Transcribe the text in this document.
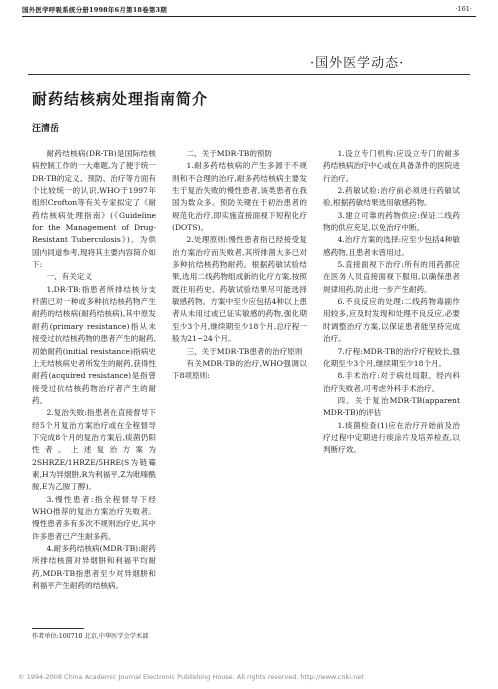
国外医学呼吸系统分册1998年6月第18卷第3期	·161·
·国外医学动态·
耐药结核病处理指南简介
汪清岳

耐药结核病(DR-TB)是国际结核病控制工作的一大难题,为了便于统一DR-TB的定义、预防、治疗等方面有个比较统一的认识,WHO于1997年组织Crofton等有关专家拟定了《耐药结核病处理指南》(《Guideline for the Management of Drug-Resistant Tuberculosis》)。为供国内同道参考,现将其主要内容简介如下:

一、有关定义

1.DR-TB:指患者所排结核分支杆菌已对一种或多种抗结核药物产生耐药的结核病(耐药结核病),其中原发耐药(primary resistance)指从未接受过抗结核药物的患者产生的耐药,初始耐药(initial resistance)指病史上无结核病史者所发生的耐药,获得性耐药(acquired resistance)是指曾接受过抗结核药物治疗者产生的耐药。

2.复治失败:指患者在直接督导下经5个月复治方案治疗或在全程督导下完成8个月的复治方案后,痰菌仍阳性者。上述复治方案为2SHRZE/1HRZE/5HRE(S为链霉素,H为异烟肼,R为利福平,Z为吡嗪酰胺,E为乙胺丁醇)。

3.慢性患者:指全程督导下经WHO推荐的复治方案治疗失败者。慢性患者多有多次不规则治疗史,其中许多患者已产生耐多药。

4.耐多药结核病(MDR-TB):耐药所排结核菌对异烟肼和利福平均耐药,MDR-TB指患者至少对异烟肼和利福平产生耐药的结核病。

二、关于MDR-TB的预防

1.耐多药结核病的产生多源于不规则和不合理的治疗,耐多药结核病主要发生于复治失败的慢性患者,该类患者在我国为数众多。预防关键在于初治患者的规范化治疗,即实施直接面视下短程化疗(DOTS)。

2.处理原则:慢性患者指已经接受复治方案治疗而失败者,其所排菌大多已对多种抗结核药物耐药。根据药敏试验结果,选用二线药物组成新的化疗方案,按照既往用药史、药敏试验结果尽可能选择敏感药物。方案中至少应包括4种以上患者从未用过或已证实敏感的药物,强化期至少3个月,继续期至少18个月,总疗程一般为21~24个月。

三、关于MDR-TB患者的治疗原则

有关MDR-TB的治疗,WHO强调以下8项原则:

1.设立专门机构:应设立专门的耐多药结核病治疗中心或在具备条件的医院进行治疗。

2.药敏试验:治疗前必须进行药敏试验,根据药敏结果选用敏感药物。

3.建立可靠的药物供应:保证二线药物的供应充足,以免治疗中断。

4.治疗方案的选择:应至少包括4种敏感药物,且患者未曾用过。

5.直接面视下治疗:所有的用药都应在医务人员直接面视下服用,以确保患者规律用药,防止进一步产生耐药。

6.不良反应的处理:二线药物毒副作用较多,应及时发现和处理不良反应,必要时调整治疗方案,以保证患者能坚持完成治疗。

7.疗程:MDR-TB的治疗疗程较长,强化期至少3个月,继续期至少18个月。

8.手术治疗:对于病灶局限、经内科治疗失败者,可考虑外科手术治疗。

四、关于复治MDR-TB(apparent MDR-TB)的评估

1.痰菌检查(1)应在治疗开始前及治疗过程中定期进行痰涂片及培养检查,以判断疗效。

作者单位:100710 北京,中华医学会学术部
© 1994-2008 China Academic Journal Electronic Publishing House. All rights reserved. http://www.cnki.net
